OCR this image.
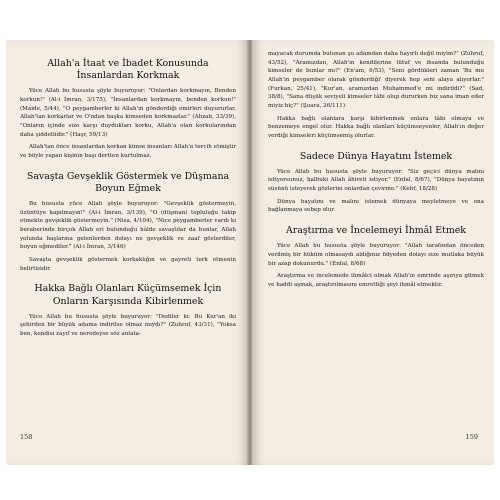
Allah'a İtaat ve İbadet Konusunda İnsanlardan Korkmak

Yüce Allah bu hususta şöyle buyuruyor: "Onlardan korkmayın, Benden korkun!" (Al-i İmran, 3/175), "İnsanlardan korkmayın, benden korkun!" (Maide, 5/44), "O peygamberler ki Allah'ın gönderdiği emirleri duyururlar, Allah'tan korkarlar ve O'ndan başka kimseden korkmazlar." (Ahzab, 33/39), "Onların içinde size karşı duydukları korku, Allah'a olan korkularından daha şiddetlidir." (Haşr, 59/13)

Allah'tan önce insanlardan korkan kimse insanları Allah'a tercih etmiştir ve böyle yapan kişinin başı dertten kurtulmaz.

Savaşta Gevşeklik Göstermek ve Düşmana Boyun Eğmek

Bu hususta yüce Allah şöyle buyuruyor: "Gevşeklik göstermeyin, üzüntüye kapılmayın!" (Al-i İmran, 3/139), "O (düşman) topluluğu takip etmekte gevşeklik göstermeyin." (Nisa, 4/104), "Nice peygamberler vardı ki beraberinde birçok Allah eri bulunduğu hâlde savaştılar da bunlar, Allah yolunda başlarına gelenlerden dolayı ne gevşeklik ve zaaf gösterdiler, boyun eğmediler." (Al-i İmran, 3/146)

Savaşta gevşeklik göstermek korkaklığın ve gayreti terk etmenin belirtisidir.

Hakka Bağlı Olanları Küçümsemek İçin Onların Karşısında Kibirlenmek

Yüce Allah bu hususta şöyle buyuruyor: "Dediler ki: Bu Kur'an iki şehirden bir büyük adama indirilse olmaz mıydı?" (Zuhruf, 43/31), "Yoksa ben, kendisi zayıf ve neredeyse söz anlata-

158

mayacak durumda bulunan şu adamdan daha hayırlı değil miyim?" (Zuhruf, 43/52), "Aramızdan, Allah'ın kendilerine lütuf ve ihsanda bulunduğu kimseler de bunlar mı?" (En'am, 6/53), "Seni gördükleri zaman 'Bu mu Allah'ın peygamber olarak gönderdiği' diyerek hep seni alaya alıyorlar." (Furkan, 25/41), "Kur'an, aramızdan Muhammed'e mi indirildi?" (Sad, 38/8), "Sana düşük seviyeli kimseler tâbi olup dururken biz sana iman eder miyiz hiç?" (Şuara, 26/111)

Hakka bağlı olanlara karşı kibirlenmek onlara tâbi olmaya ve benzemeye engel olur. Hakka bağlı olanları küçümseyenler, Allah'ın değer verdiği kimseleri küçümsemiş olurlar.

Sadece Dünya Hayatını İstemek

Yüce Allah bu hususta şöyle buyuruyor: "Siz geçici dünya malını istiyorsunuz, halbuki Allah âhireti istiyor." (Enfal, 8/67), "Dünya hayatının süsünü isteyerek gözlerini onlardan çevirme." (Kehf, 18/28)

Dünya hayatını ve malını istemek dünyaya meyletmeye ve ona bağlanmaya sebep olur.

Araştırma ve İncelemeyi İhmâl Etmek

Yüce Allah bu hususta şöyle buyuruyor: "Allah tarafından önceden verilmiş bir hüküm olmasaydı aldığınız fidyeden dolayı size mutlaka büyük bir azap dokunurdu." (Enfal, 8/68)

Araştırma ve incelemede ihmâlci olmak Allah'ın emrinde aşırıya gitmek ve haddi aşmak, araştırılmasını emrettiği şeyi ihmâl etmektir.

159
